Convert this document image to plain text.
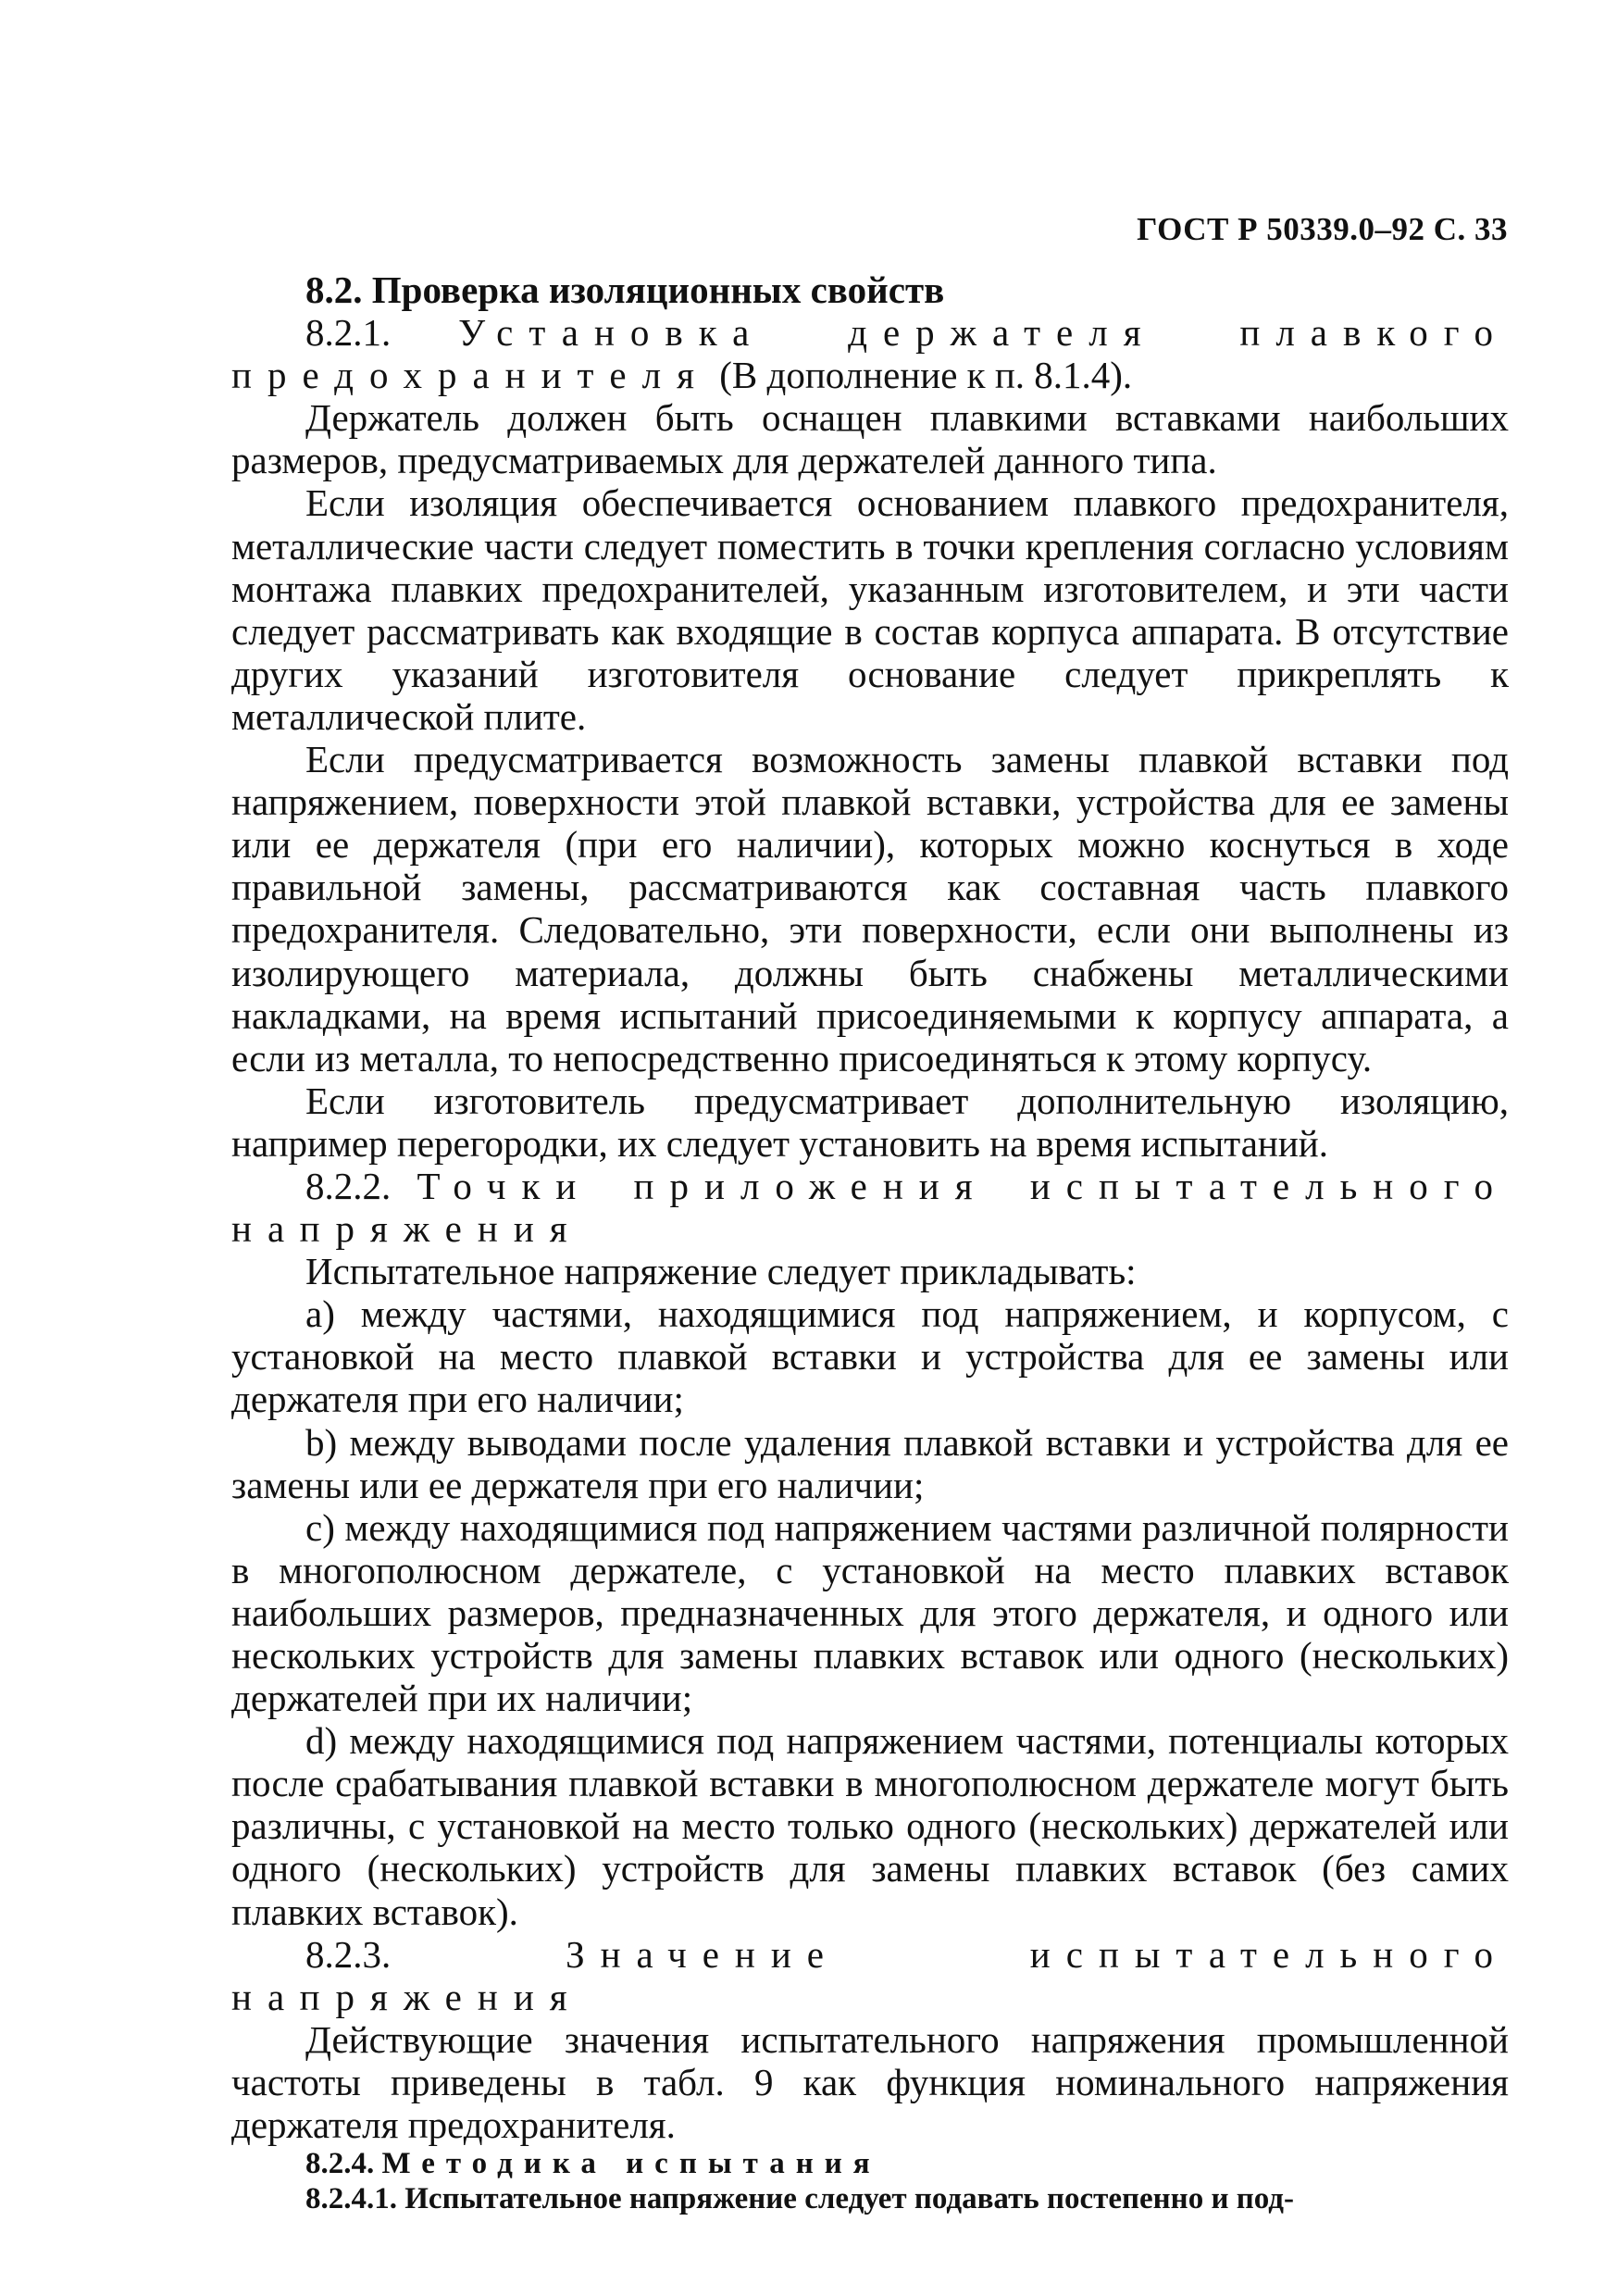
ГОСТ Р 50339.0–92 С. 33

8.2. Проверка изоляционных свойств

8.2.1. Установка держателя плавкого предохранителя (В дополнение к п. 8.1.4).

Держатель должен быть оснащен плавкими вставками наибольших размеров, предусматриваемых для держателей данного типа.

Если изоляция обеспечивается основанием плавкого предохранителя, металлические части следует поместить в точки крепления согласно условиям монтажа плавких предохранителей, указанным изготовителем, и эти части следует рассматривать как входящие в состав корпуса аппарата. В отсутствие других указаний изготовителя основание следует прикреплять к металлической плите.

Если предусматривается возможность замены плавкой вставки под напряжением, поверхности этой плавкой вставки, устройства для ее замены или ее держателя (при его наличии), которых можно коснуться в ходе правильной замены, рассматриваются как составная часть плавкого предохранителя. Следовательно, эти поверхности, если они выполнены из изолирующего материала, должны быть снабжены металлическими накладками, на время испытаний присоединяемыми к корпусу аппарата, а если из металла, то непосредственно присоединяться к этому корпусу.

Если изготовитель предусматривает дополнительную изоляцию, например перегородки, их следует установить на время испытаний.

8.2.2. Точки приложения испытательного напряжения

Испытательное напряжение следует прикладывать:

а) между частями, находящимися под напряжением, и корпусом, с установкой на место плавкой вставки и устройства для ее замены или держателя при его наличии;

b) между выводами после удаления плавкой вставки и устройства для ее замены или ее держателя при его наличии;

c) между находящимися под напряжением частями различной полярности в многополюсном держателе, с установкой на место плавких вставок наибольших размеров, предназначенных для этого держателя, и одного или нескольких устройств для замены плавких вставок или одного (нескольких) держателей при их наличии;

d) между находящимися под напряжением частями, потенциалы которых после срабатывания плавкой вставки в многополюсном держателе могут быть различны, с установкой на место только одного (нескольких) держателей или одного (нескольких) устройств для замены плавких вставок (без самих плавких вставок).

8.2.3.	Значение испытательного напряжения

Действующие значения испытательного напряжения промышленной частоты приведены в табл. 9 как функция номинального напряжения держателя предохранителя.

8.2.4. Методика испытания

8.2.4.1. Испытательное напряжение следует подавать постепенно и под-
